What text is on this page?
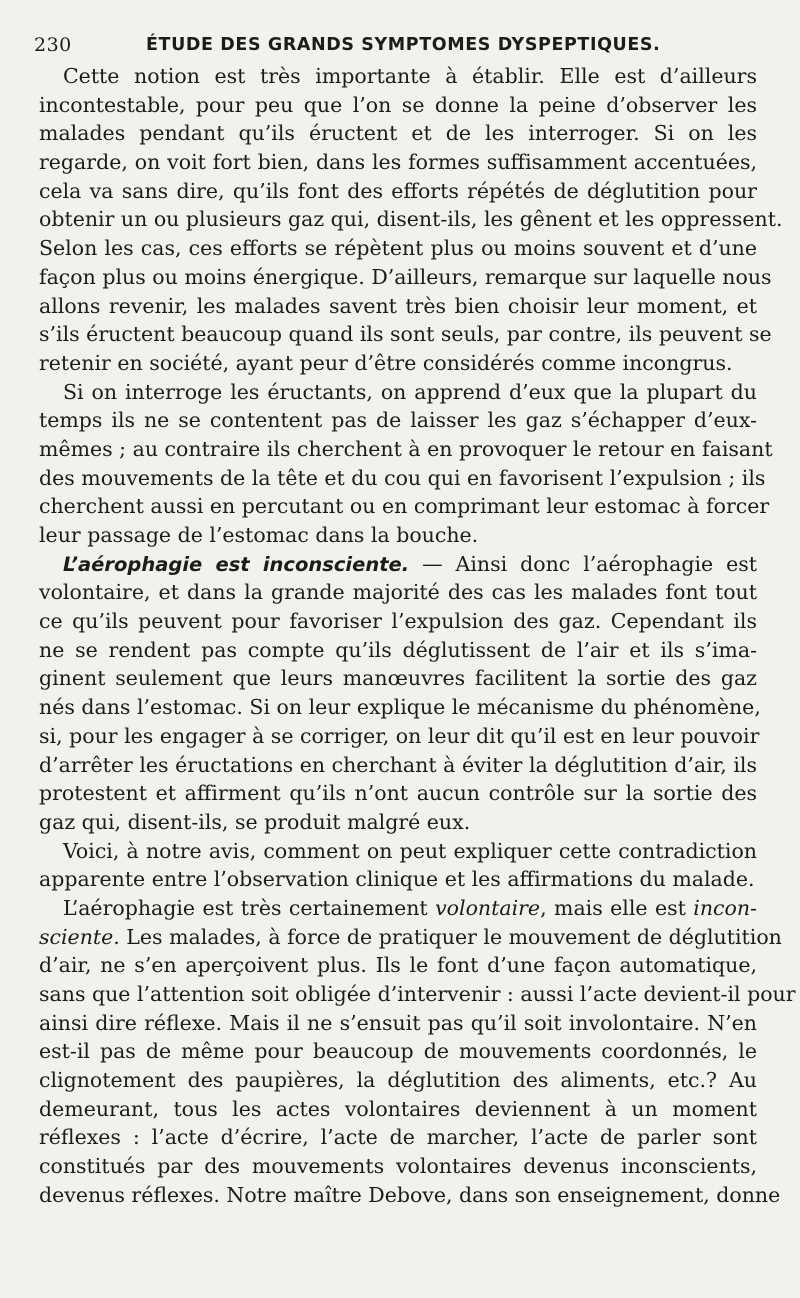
230	ÉTUDE DES GRANDS SYMPTOMES DYSPEPTIQUES.
Cette notion est très importante à établir. Elle est d’ailleurs
incontestable, pour peu que l’on se donne la peine d’observer les
malades pendant qu’ils éructent et de les interroger. Si on les
regarde, on voit fort bien, dans les formes suffisamment accentuées,
cela va sans dire, qu’ils font des efforts répétés de déglutition pour
obtenir un ou plusieurs gaz qui, disent-ils, les gênent et les oppressent.
Selon les cas, ces efforts se répètent plus ou moins souvent et d’une
façon plus ou moins énergique. D’ailleurs, remarque sur laquelle nous
allons revenir, les malades savent très bien choisir leur moment, et
s’ils éructent beaucoup quand ils sont seuls, par contre, ils peuvent se
retenir en société, ayant peur d’être considérés comme incongrus.
Si on interroge les éructants, on apprend d’eux que la plupart du
temps ils ne se contentent pas de laisser les gaz s’échapper d’eux-
mêmes ; au contraire ils cherchent à en provoquer le retour en faisant
des mouvements de la tête et du cou qui en favorisent l’expulsion ; ils
cherchent aussi en percutant ou en comprimant leur estomac à forcer
leur passage de l’estomac dans la bouche.
L’aérophagie est inconsciente. — Ainsi donc l’aérophagie est
volontaire, et dans la grande majorité des cas les malades font tout
ce qu’ils peuvent pour favoriser l’expulsion des gaz. Cependant ils
ne se rendent pas compte qu’ils déglutissent de l’air et ils s’ima-
ginent seulement que leurs manœuvres facilitent la sortie des gaz
nés dans l’estomac. Si on leur explique le mécanisme du phénomène,
si, pour les engager à se corriger, on leur dit qu’il est en leur pouvoir
d’arrêter les éructations en cherchant à éviter la déglutition d’air, ils
protestent et affirment qu’ils n’ont aucun contrôle sur la sortie des
gaz qui, disent-ils, se produit malgré eux.
Voici, à notre avis, comment on peut expliquer cette contradiction
apparente entre l’observation clinique et les affirmations du malade.
L’aérophagie est très certainement volontaire, mais elle est incon-
sciente. Les malades, à force de pratiquer le mouvement de déglutition
d’air, ne s’en aperçoivent plus. Ils le font d’une façon automatique,
sans que l’attention soit obligée d’intervenir : aussi l’acte devient-il pour
ainsi dire réflexe. Mais il ne s’ensuit pas qu’il soit involontaire. N’en
est-il pas de même pour beaucoup de mouvements coordonnés, le
clignotement des paupières, la déglutition des aliments, etc.? Au
demeurant, tous les actes volontaires deviennent à un moment
réflexes : l’acte d’écrire, l’acte de marcher, l’acte de parler sont
constitués par des mouvements volontaires devenus inconscients,
devenus réflexes. Notre maître Debove, dans son enseignement, donne
